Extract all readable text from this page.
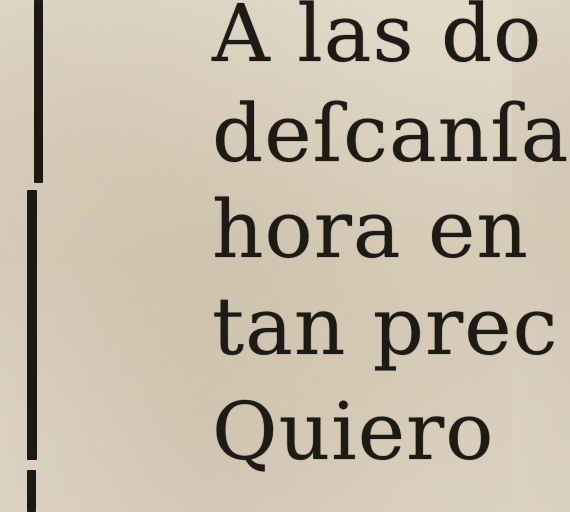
A las do
deſcanſa
hora en
tan prec
Quiero
